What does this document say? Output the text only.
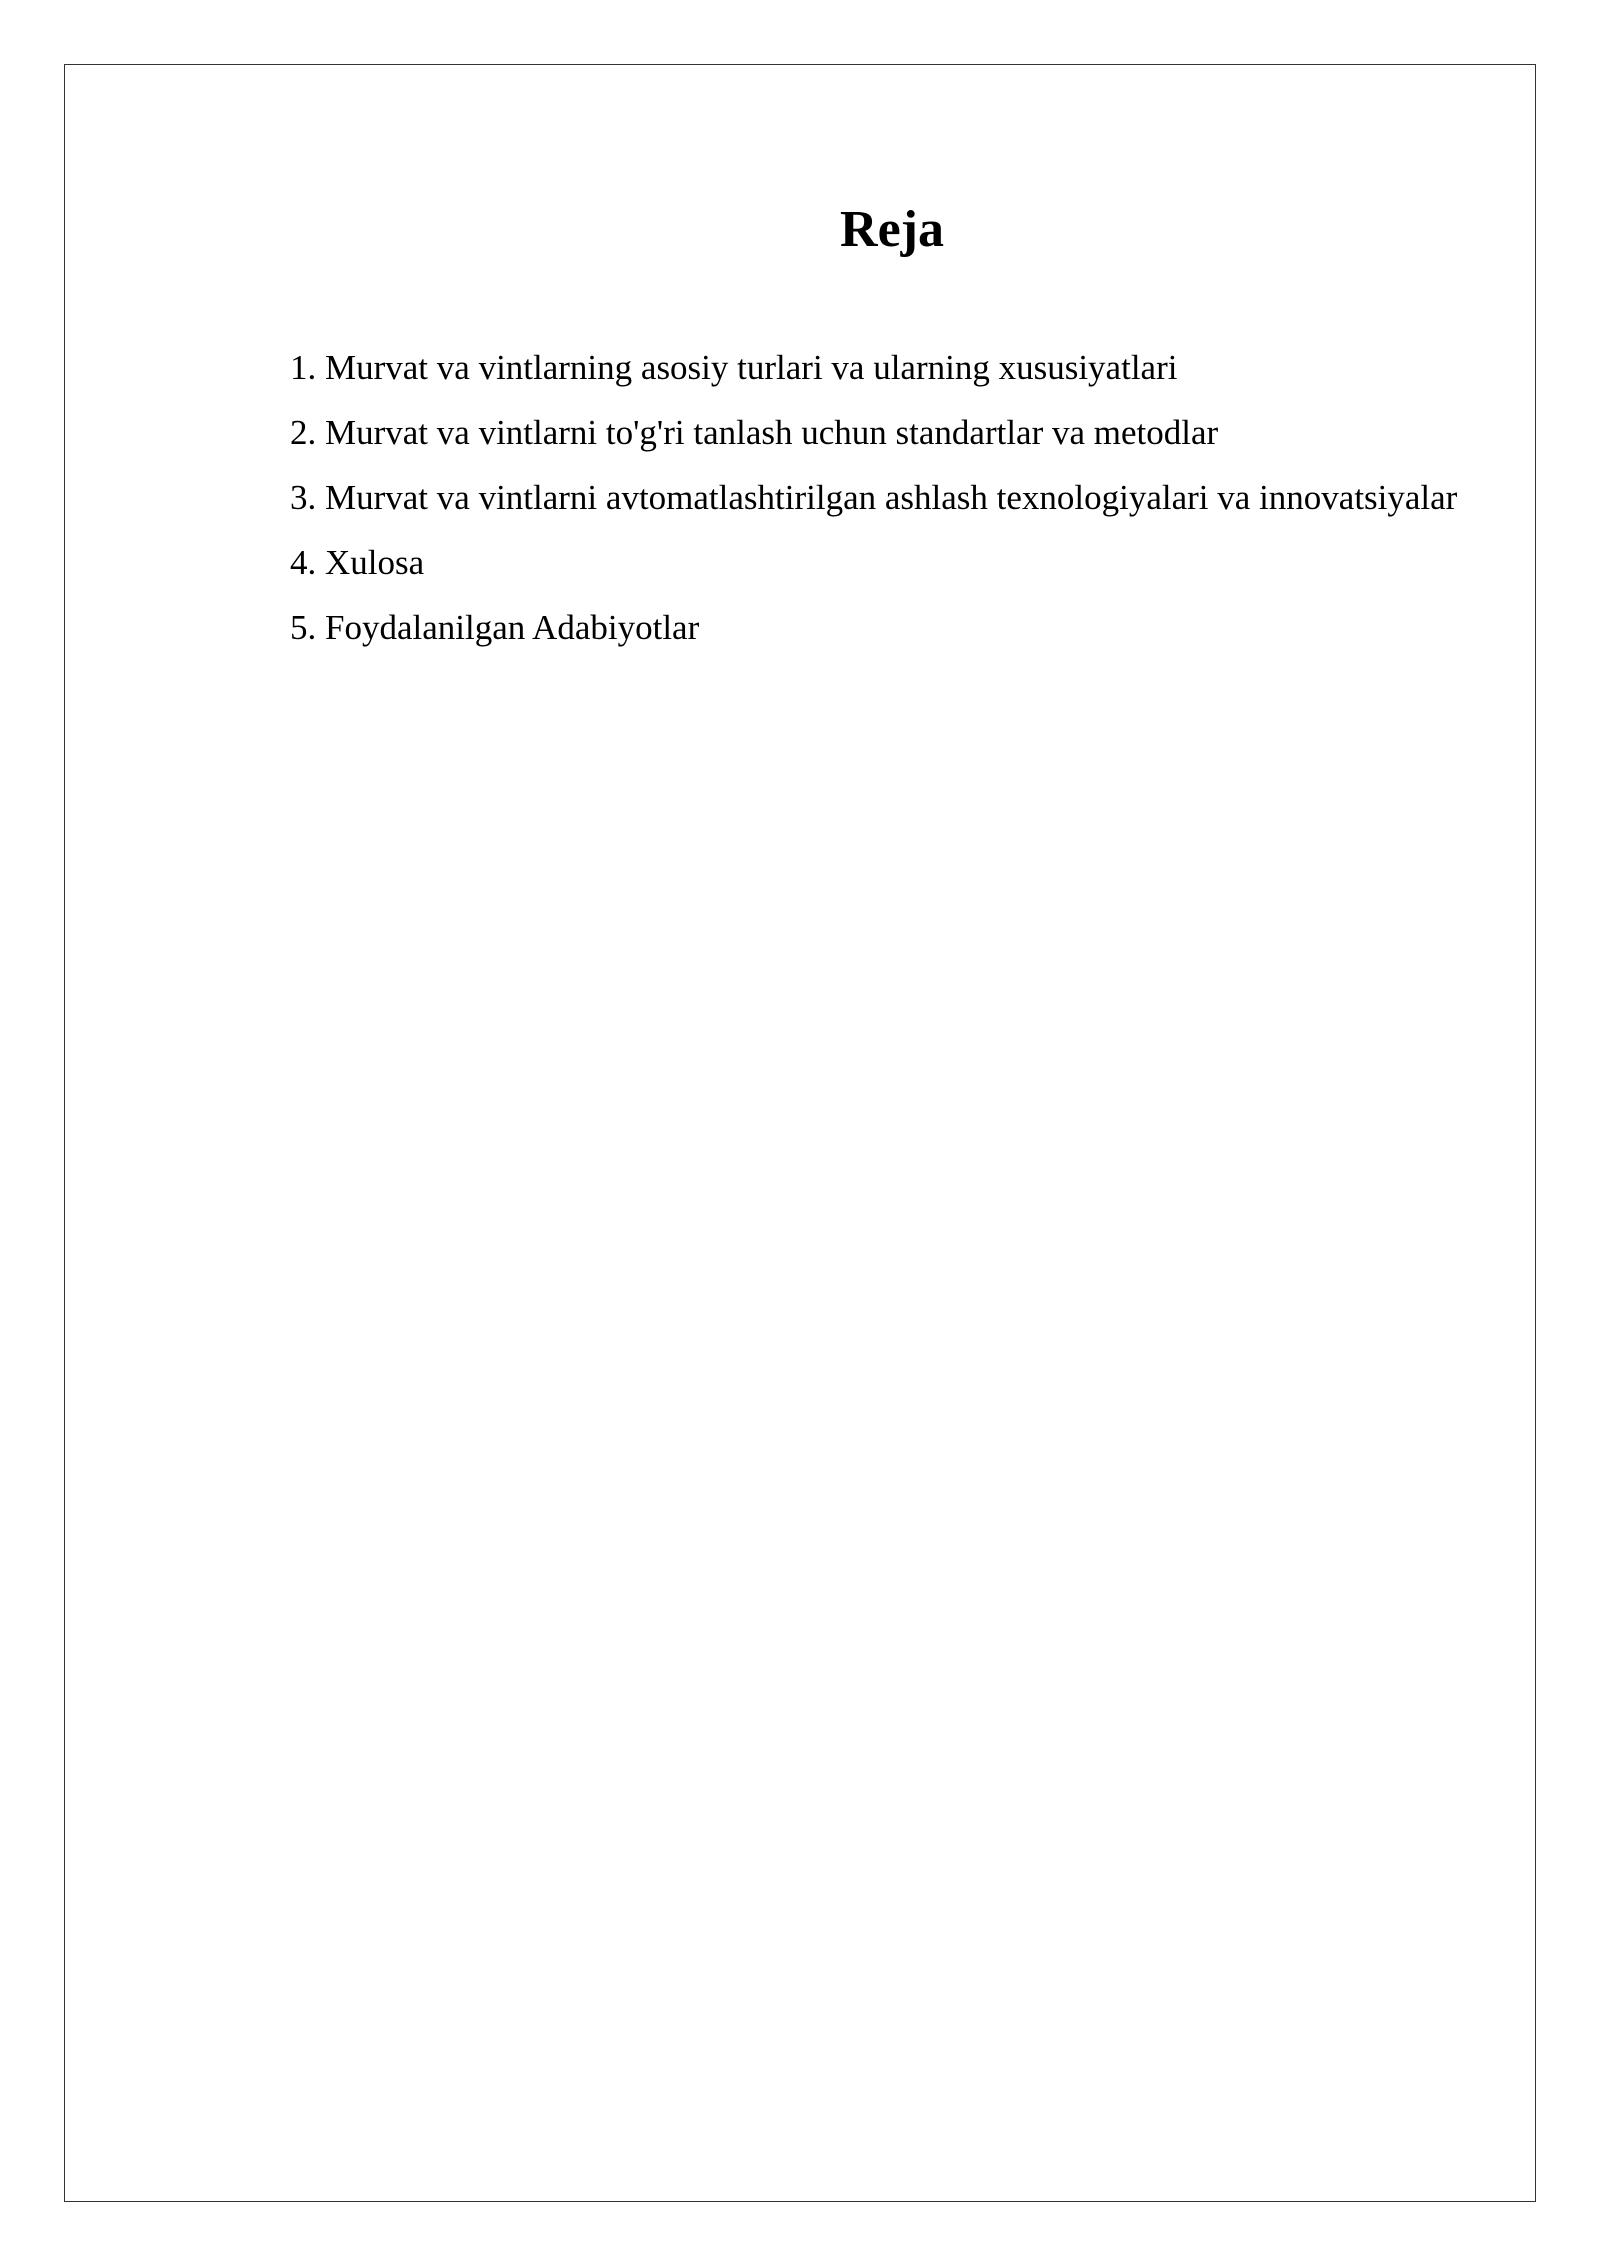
Reja
1. Murvat va vintlarning asosiy turlari va ularning xususiyatlari
2. Murvat va vintlarni to'g'ri tanlash uchun standartlar va metodlar
3. Murvat va vintlarni avtomatlashtirilgan ashlash texnologiyalari va innovatsiyalar
4. Xulosa
5. Foydalanilgan Adabiyotlar
